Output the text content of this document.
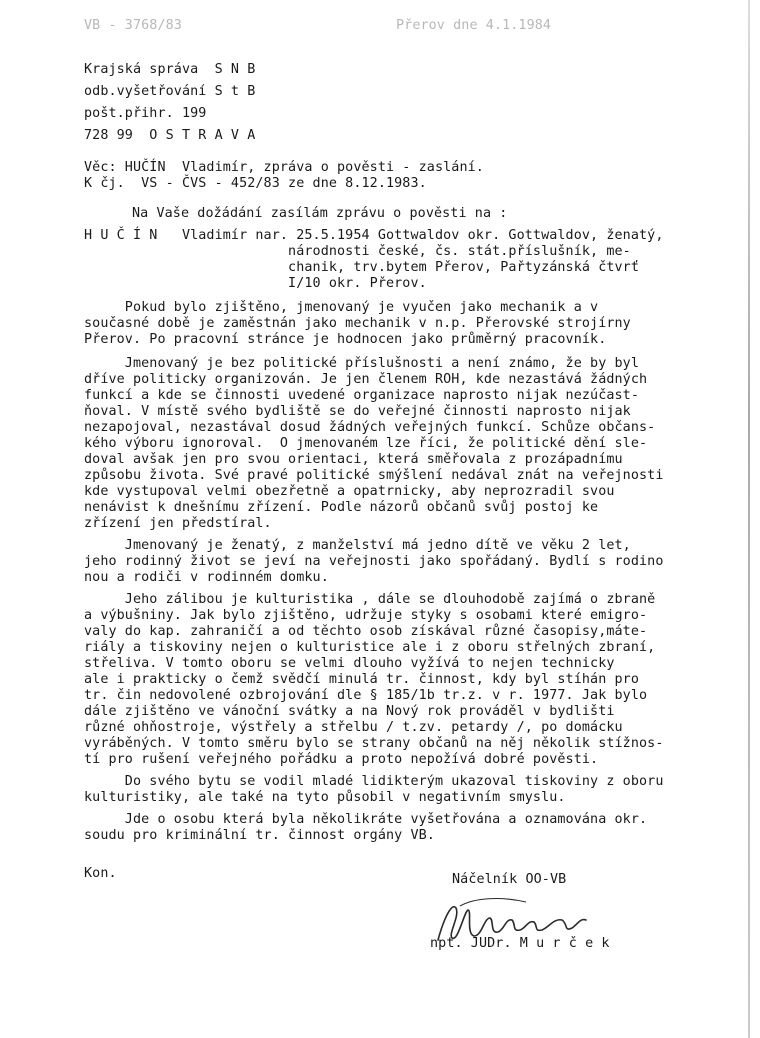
VB - 3768/83	Přerov dne 4.1.1984
Krajská správa  S N B
odb.vyšetřování S t B
pošt.přihr. 199
728 99  O S T R A V A
Věc: HUČÍN  Vladimír, zpráva o pověsti - zaslání.
K čj.  VS - ČVS - 452/83 ze dne 8.12.1983.
Na Vaše dožádání zasílám zprávu o pověsti na :
H U Č Í N   Vladimír nar. 25.5.1954 Gottwaldov okr. Gottwaldov, ženatý,
národnosti české, čs. stát.příslušník, me-
chanik, trv.bytem Přerov, Pařtyzánská čtvrť
I/10 okr. Přerov.
Pokud bylo zjištěno, jmenovaný je vyučen jako mechanik a v
současné době je zaměstnán jako mechanik v n.p. Přerovské strojírny
Přerov. Po pracovní stránce je hodnocen jako průměrný pracovník.
Jmenovaný je bez politické příslušnosti a není známo, že by byl
dříve politicky organizován. Je jen členem ROH, kde nezastává žádných
funkcí a kde se činnosti uvedené organizace naprosto nijak nezúčast-
ňoval. V místě svého bydliště se do veřejné činnosti naprosto nijak
nezapojoval, nezastával dosud žádných veřejných funkcí. Schůze občans-
kého výboru ignoroval.  O jmenovaném lze říci, že politické dění sle-
doval avšak jen pro svou orientaci, která směřovala z prozápadnímu
způsobu života. Své pravé politické smýšlení nedával znát na veřejnosti
kde vystupoval velmi obezřetně a opatrnicky, aby neprozradil svou
nenávist k dnešnímu zřízení. Podle názorů občanů svůj postoj ke
zřízení jen předstíral.
Jmenovaný je ženatý, z manželství má jedno dítě ve věku 2 let,
jeho rodinný život se jeví na veřejnosti jako spořádaný. Bydlí s rodino
nou a rodiči v rodinném domku.
Jeho zálibou je kulturistika , dále se dlouhodobě zajímá o zbraně
a výbušniny. Jak bylo zjištěno, udržuje styky s osobami které emigro-
valy do kap. zahraničí a od těchto osob získával různé časopisy,máte-
riály a tiskoviny nejen o kulturistice ale i z oboru střelných zbraní,
střeliva. V tomto oboru se velmi dlouho vyžívá to nejen technicky
ale i prakticky o čemž svědčí minulá tr. činnost, kdy byl stíhán pro
tr. čin nedovolené ozbrojování dle § 185/1b tr.z. v r. 1977. Jak bylo
dále zjištěno ve vánoční svátky a na Nový rok prováděl v bydlišti
různé ohňostroje, výstřely a střelbu / t.zv. petardy /, po domácku
vyráběných. V tomto směru bylo se strany občanů na něj několik stížnos-
tí pro rušení veřejného pořádku a proto nepožívá dobré pověsti.
Do svého bytu se vodil mladé lidikterým ukazoval tiskoviny z oboru
kulturistiky, ale také na tyto působil v negativním smyslu.
Jde o osobu která byla několikráte vyšetřována a oznamována okr.
soudu pro kriminální tr. činnost orgány VB.
Kon.	Náčelník OO-VB
npt. JUDr. M u r č e k
